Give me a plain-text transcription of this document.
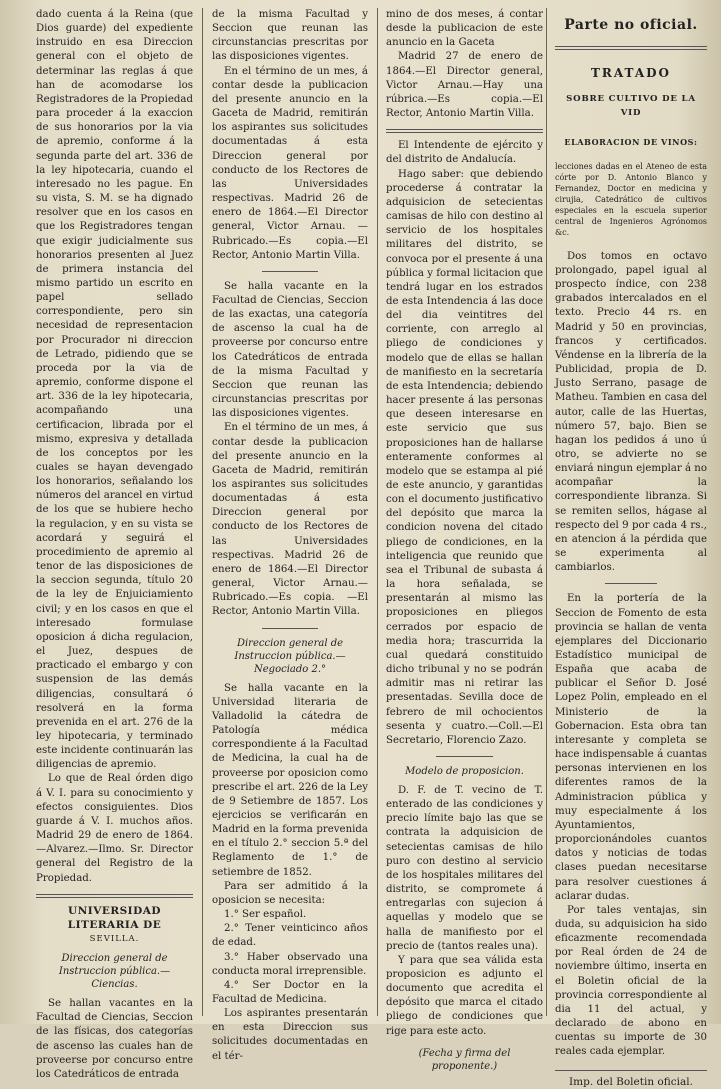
dado cuenta á la Reina (que Dios guarde) del expediente instruido en esa Direccion general con el objeto de determinar las reglas á que han de acomodarse los Registradores de la Propiedad para proceder á la exaccion de sus honorarios por la via de apremio, conforme á la segunda parte del art. 336 de la ley hipotecaria, cuando el interesado no les pague. En su vista, S. M. se ha dignado resolver que en los casos en que los Registradores tengan que exigir judicialmente sus honorarios presenten al Juez de primera instancia del mismo partido un escrito en papel sellado correspondiente, pero sin necesidad de representacion por Procurador ni direccion de Letrado, pidiendo que se proceda por la via de apremio, conforme dispone el art. 336 de la ley hipotecaria, acompañando una certificacion, librada por el mismo, expresiva y detallada de los conceptos por les cuales se hayan devengado los honorarios, señalando los números del arancel en virtud de los que se hubiere hecho la regulacion, y en su vista se acordará y seguirá el procedimiento de apremio al tenor de las disposiciones de la seccion segunda, título 20 de la ley de Enjuiciamiento civil; y en los casos en que el interesado formulase oposicion á dicha regulacion, el Juez, despues de practicado el embargo y con suspension de las demás diligencias, consultará ó resolverá en la forma prevenida en el art. 276 de la ley hipotecaria, y terminado este incidente continuarán las diligencias de apremio.

Lo que de Real órden digo á V. I. para su conocimiento y efectos consiguientes. Dios guarde á V. I. muchos años. Madrid 29 de enero de 1864.—Alvarez.—Ilmo. Sr. Director general del Registro de la Propiedad.

UNIVERSIDAD LITERARIA DE
SEVILLA.
Direccion general de Instruccion pública.—Ciencias.

Se hallan vacantes en la Facultad de Ciencias, Seccion de las físicas, dos categorías de ascenso las cuales han de proveerse por concurso entre los Catedráticos de entrada

de la misma Facultad y Seccion que reunan las circunstancias prescritas por las disposiciones vigentes.

En el término de un mes, á contar desde la publicacion del presente anuncio en la Gaceta de Madrid, remitirán los aspirantes sus solicitudes documentadas á esta Direccion general por conducto de los Rectores de las Universidades respectivas. Madrid 26 de enero de 1864.—El Director general, Victor Arnau. —Rubricado.—Es copia.—El Rector, Antonio Martin Villa.

Se halla vacante en la Facultad de Ciencias, Seccion de las exactas, una categoría de ascenso la cual ha de proveerse por concurso entre los Catedráticos de entrada de la misma Facultad y Seccion que reunan las circunstancias prescritas por las disposiciones vigentes.

En el término de un mes, á contar desde la publicacion del presente anuncio en la Gaceta de Madrid, remitirán los aspirantes sus solicitudes documentadas á esta Direccion general por conducto de los Rectores de las Universidades respectivas. Madrid 26 de enero de 1864.—El Director general, Victor Arnau.—Rubricado.—Es copia. —El Rector, Antonio Martin Villa.

Direccion general de Instruccion pública.—Negociado 2.°

Se halla vacante en la Universidad literaria de Valladolid la cátedra de Patología médica correspondiente á la Facultad de Medicina, la cual ha de proveerse por oposicion como prescribe el art. 226 de la Ley de 9 Setiembre de 1857. Los ejercicios se verificarán en Madrid en la forma prevenida en el título 2.° seccion 5.ª del Reglamento de 1.° de setiembre de 1852.

Para ser admitido á la oposicion se necesita:

1.° Ser español.

2.° Tener veinticinco años de edad.

3.° Haber observado una conducta moral irreprensible.

4.° Ser Doctor en la Facultad de Medicina.

Los aspirantes presentarán en esta Direccion sus solicitudes documentadas en el tér-

mino de dos meses, á contar desde la publicacion de este anuncio en la Gaceta

Madrid 27 de enero de 1864.—El Director general, Victor Arnau.—Hay una rúbrica.—Es copia.—El Rector, Antonio Martin Villa.

El Intendente de ejército y del distrito de Andalucía.

Hago saber: que debiendo procederse á contratar la adquisicion de setecientas camisas de hilo con destino al servicio de los hospitales militares del distrito, se convoca por el presente á una pública y formal licitacion que tendrá lugar en los estrados de esta Intendencia á las doce del dia veintitres del corriente, con arreglo al pliego de condiciones y modelo que de ellas se hallan de manifiesto en la secretaría de esta Intendencia; debiendo hacer presente á las personas que deseen interesarse en este servicio que sus proposiciones han de hallarse enteramente conformes al modelo que se estampa al pié de este anuncio, y garantidas con el documento justificativo del depósito que marca la condicion novena del citado pliego de condiciones, en la inteligencia que reunido que sea el Tribunal de subasta á la hora señalada, se presentarán al mismo las proposiciones en pliegos cerrados por espacio de media hora; trascurrida la cual quedará constituido dicho tribunal y no se podrán admitir mas ni retirar las presentadas. Sevilla doce de febrero de mil ochocientos sesenta y cuatro.—Coll.—El Secretario, Florencio Zazo.

Modelo de proposicion.

D. F. de T. vecino de T. enterado de las condiciones y precio límite bajo las que se contrata la adquisicion de setecientas camisas de hilo puro con destino al servicio de los hospitales militares del distrito, se compromete á entregarlas con sujecion á aquellas y modelo que se halla de manifiesto por el precio de (tantos reales una).

Y para que sea válida esta proposicion es adjunto el documento que acredita el depósito que marca el citado pliego de condiciones que rige para este acto.

(Fecha y firma del proponente.)
Parte no oficial.
TRATADO
SOBRE CULTIVO DE LA VID
ELABORACION DE VINOS:
lecciones dadas en el Ateneo de esta córte por D. Antonio Blanco y Fernandez, Doctor en medicina y cirujia, Catedrático de cultivos especiales en la escuela superior central de Ingenieros Agrónomos &c.

Dos tomos en octavo prolongado, papel igual al prospecto índice, con 238 grabados intercalados en el texto. Precio 44 rs. en Madrid y 50 en provincias, francos y certificados. Véndense en la librería de la Publicidad, propia de D. Justo Serrano, pasage de Matheu. Tambien en casa del autor, calle de las Huertas, número 57, bajo. Bien se hagan los pedidos á uno ú otro, se advierte no se enviará ningun ejemplar á no acompañar la correspondiente libranza. Si se remiten sellos, hágase al respecto del 9 por cada 4 rs., en atencion á la pérdida que se experimenta al cambiarlos.

En la portería de la Seccion de Fomento de esta provincia se hallan de venta ejemplares del Diccionario Estadístico municipal de España que acaba de publicar el Señor D. José Lopez Polin, empleado en el Ministerio de la Gobernacion. Esta obra tan interesante y completa se hace indispensable á cuantas personas intervienen en los diferentes ramos de la Administracion pública y muy especialmente á los Ayuntamientos, proporcionándoles cuantos datos y noticias de todas clases puedan necesitarse para resolver cuestiones á aclarar dudas.

Por tales ventajas, sin duda, su adquisicion ha sido eficazmente recomendada por Real órden de 24 de noviembre último, inserta en el Boletin oficial de la provincia correspondiente al dia 11 del actual, y declarado de abono en cuentas su importe de 30 reales cada ejemplar.

Imp. del Boletin oficial.
